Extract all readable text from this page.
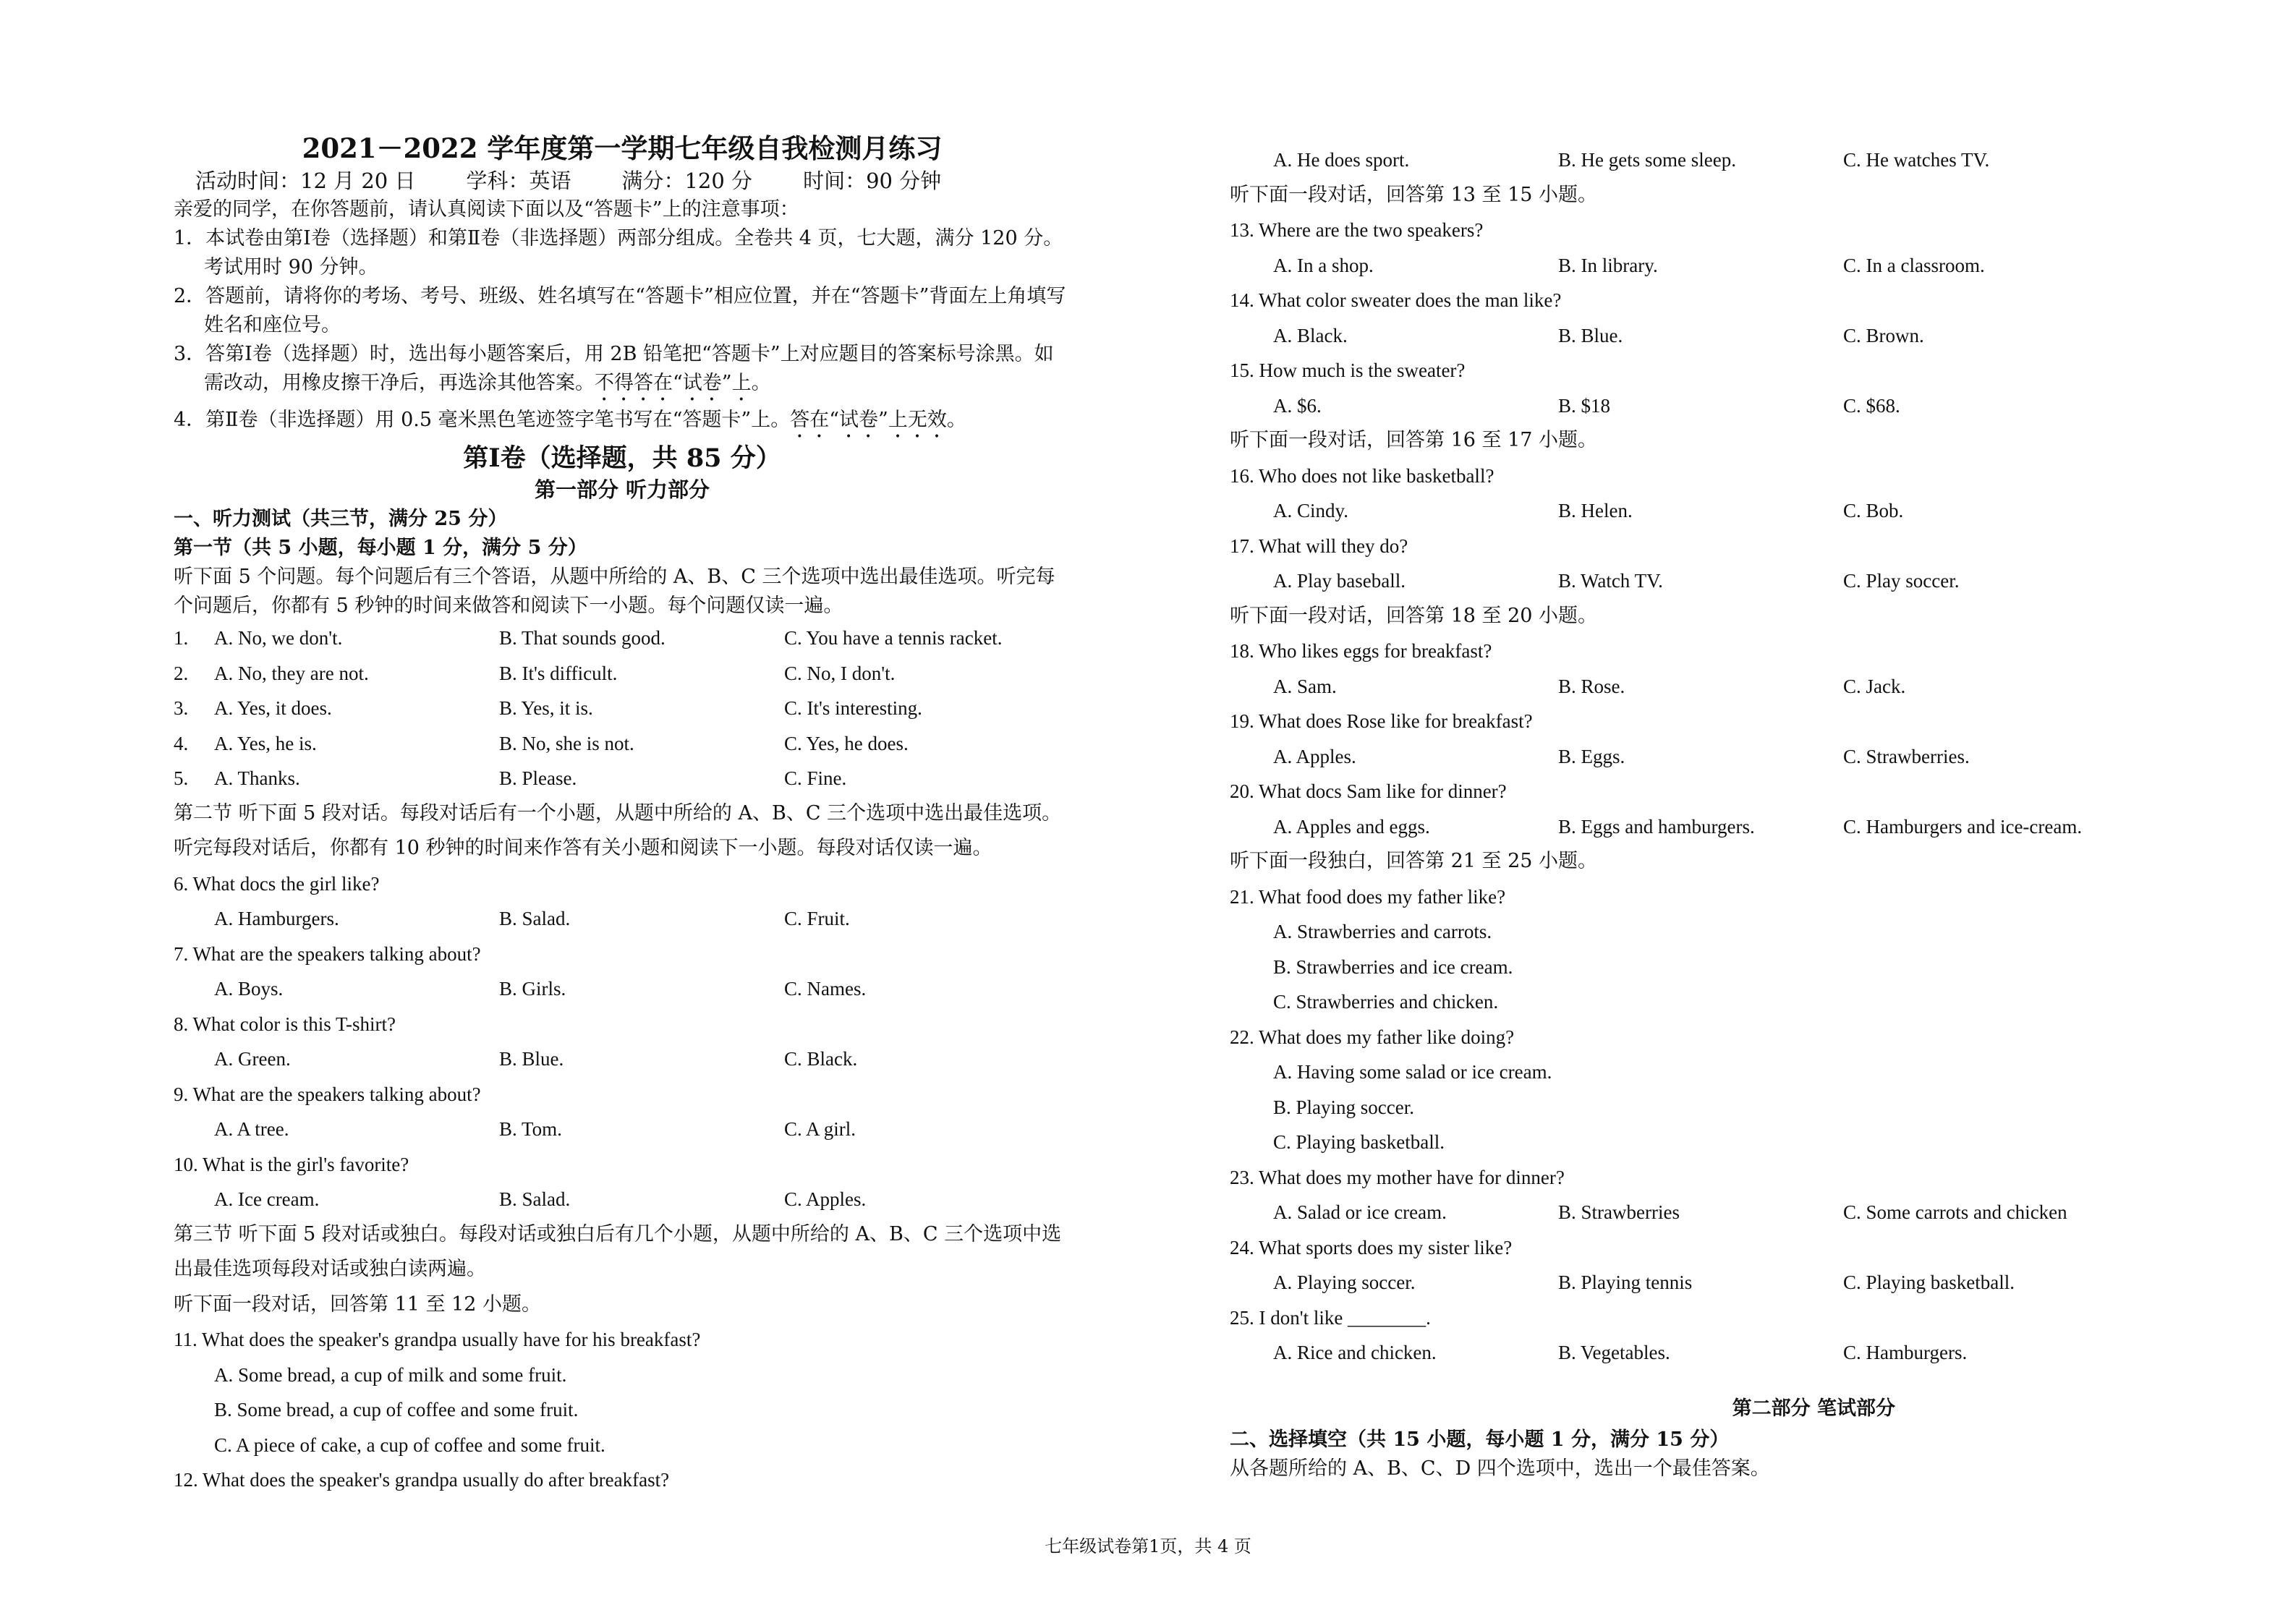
2021－2022 学年度第一学期七年级自我检测月练习
活动时间：12 月 20 日 学科：英语 满分：120 分 时间：90 分钟
亲爱的同学，在你答题前，请认真阅读下面以及“答题卡”上的注意事项：
1．本试卷由第Ⅰ卷（选择题）和第Ⅱ卷（非选择题）两部分组成。全卷共 4 页，七大题，满分 120 分。考试用时 90 分钟。
2．答题前，请将你的考场、考号、班级、姓名填写在“答题卡”相应位置，并在“答题卡”背面左上角填写姓名和座位号。
3．答第Ⅰ卷（选择题）时，选出每小题答案后，用 2B 铅笔把“答题卡”上对应题目的答案标号涂黑。如需改动，用橡皮擦干净后，再选涂其他答案。不得答在“试卷”上。
4．第Ⅱ卷（非选择题）用 0.5 毫米黑色笔迹签字笔书写在“答题卡”上。答在“试卷”上无效。
第Ⅰ卷（选择题，共 85 分）
第一部分 听力部分
一、听力测试（共三节，满分 25 分）
第一节（共 5 小题，每小题 1 分，满分 5 分）
听下面 5 个问题。每个问题后有三个答语，从题中所给的 A、B、C 三个选项中选出最佳选项。听完每个问题后，你都有 5 秒钟的时间来做答和阅读下一小题。每个问题仅读一遍。
1.	A. No, we don't.	B. That sounds good.	C. You have a tennis racket.
2.	A. No, they are not.	B. It's difficult.	C. No, I don't.
3.	A. Yes, it does.	B. Yes, it is.	C. It's interesting.
4.	A. Yes, he is.	B. No, she is not.	C. Yes, he does.
5.	A. Thanks.	B. Please.	C. Fine.
第二节 听下面 5 段对话。每段对话后有一个小题，从题中所给的 A、B、C 三个选项中选出最佳选项。听完每段对话后，你都有 10 秒钟的时间来作答有关小题和阅读下一小题。每段对话仅读一遍。
6. What docs the girl like?
A. Hamburgers.	B. Salad.	C. Fruit.
7. What are the speakers talking about?
A. Boys.	B. Girls.	C. Names.
8. What color is this T-shirt?
A. Green.	B. Blue.	C. Black.
9. What are the speakers talking about?
A. A tree.	B. Tom.	C. A girl.
10. What is the girl's favorite?
A. Ice cream.	B. Salad.	C. Apples.
第三节 听下面 5 段对话或独白。每段对话或独白后有几个小题，从题中所给的 A、B、C 三个选项中选出最佳选项每段对话或独白读两遍。
听下面一段对话，回答第 11 至 12 小题。
11. What does the speaker's grandpa usually have for his breakfast?
A. Some bread, a cup of milk and some fruit.
B. Some bread, a cup of coffee and some fruit.
C. A piece of cake, a cup of coffee and some fruit.
12. What does the speaker's grandpa usually do after breakfast?
A. He does sport.	B. He gets some sleep.	C. He watches TV.
听下面一段对话，回答第 13 至 15 小题。
13. Where are the two speakers?
A. In a shop.	B. In library.	C. In a classroom.
14. What color sweater does the man like?
A. Black.	B. Blue.	C. Brown.
15. How much is the sweater?
A. $6.	B. $18	C. $68.
听下面一段对话，回答第 16 至 17 小题。
16. Who does not like basketball?
A. Cindy.	B. Helen.	C. Bob.
17. What will they do?
A. Play baseball.	B. Watch TV.	C. Play soccer.
听下面一段对话，回答第 18 至 20 小题。
18. Who likes eggs for breakfast?
A. Sam.	B. Rose.	C. Jack.
19. What does Rose like for breakfast?
A. Apples.	B. Eggs.	C. Strawberries.
20. What docs Sam like for dinner?
A. Apples and eggs.	B. Eggs and hamburgers.	C. Hamburgers and ice-cream.
听下面一段独白，回答第 21 至 25 小题。
21. What food does my father like?
A. Strawberries and carrots.
B. Strawberries and ice cream.
C. Strawberries and chicken.
22. What does my father like doing?
A. Having some salad or ice cream.
B. Playing soccer.
C. Playing basketball.
23. What does my mother have for dinner?
A. Salad or ice cream.	B. Strawberries	C. Some carrots and chicken
24. What sports does my sister like?
A. Playing soccer.	B. Playing tennis	C. Playing basketball.
25. I don't like ________.
A. Rice and chicken.	B. Vegetables.	C. Hamburgers.
第二部分 笔试部分
二、选择填空（共 15 小题，每小题 1 分，满分 15 分）
从各题所给的 A、B、C、D 四个选项中，选出一个最佳答案。
七年级试卷第1页，共 4 页
